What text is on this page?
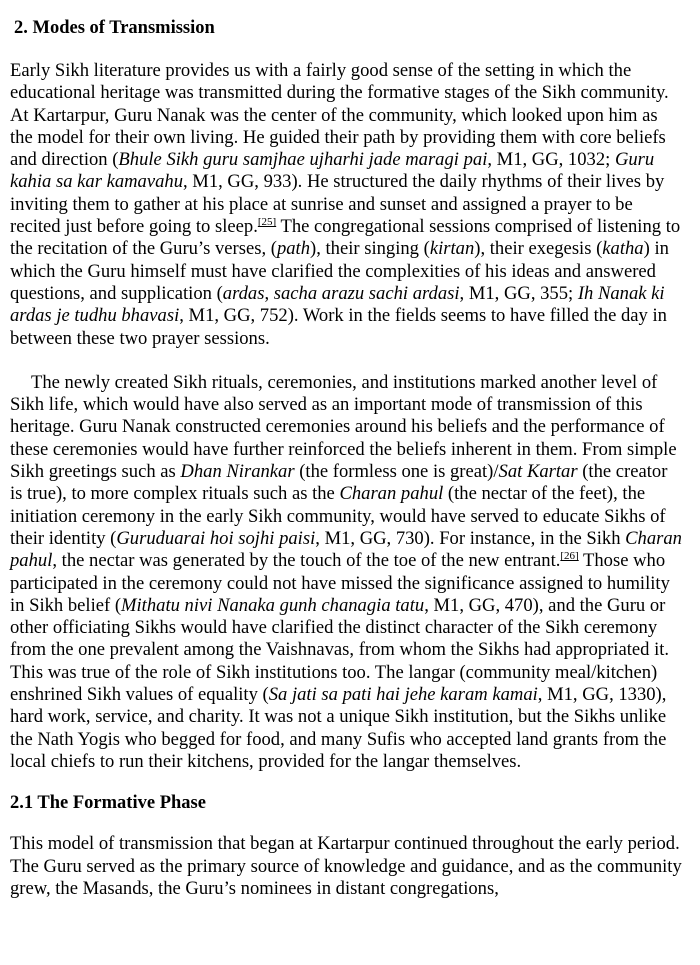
2. Modes of Transmission

Early Sikh literature provides us with a fairly good sense of the setting in which the educational heritage was transmitted during the formative stages of the Sikh community. At Kartarpur, Guru Nanak was the center of the community, which looked upon him as the model for their own living. He guided their path by providing them with core beliefs and direction (Bhule Sikh guru samjhae ujharhi jade maragi pai, M1, GG, 1032; Guru kahia sa kar kamavahu, M1, GG, 933). He structured the daily rhythms of their lives by inviting them to gather at his place at sunrise and sunset and assigned a prayer to be recited just before going to sleep.[25] The congregational sessions comprised of listening to the recitation of the Guru’s verses, (path), their singing (kirtan), their exegesis (katha) in which the Guru himself must have clarified the complexities of his ideas and answered questions, and supplication (ardas, sacha arazu sachi ardasi, M1, GG, 355; Ih Nanak ki ardas je tudhu bhavasi, M1, GG, 752). Work in the fields seems to have filled the day in between these two prayer sessions.

The newly created Sikh rituals, ceremonies, and institutions marked another level of Sikh life, which would have also served as an important mode of transmission of this heritage. Guru Nanak constructed ceremonies around his beliefs and the performance of these ceremonies would have further reinforced the beliefs inherent in them. From simple Sikh greetings such as Dhan Nirankar (the formless one is great)/Sat Kartar (the creator is true), to more complex rituals such as the Charan pahul (the nectar of the feet), the initiation ceremony in the early Sikh community, would have served to educate Sikhs of their identity (Guruduarai hoi sojhi paisi, M1, GG, 730). For instance, in the Sikh Charan pahul, the nectar was generated by the touch of the toe of the new entrant.[26] Those who participated in the ceremony could not have missed the significance assigned to humility in Sikh belief (Mithatu nivi Nanaka gunh chanagia tatu, M1, GG, 470), and the Guru or other officiating Sikhs would have clarified the distinct character of the Sikh ceremony from the one prevalent among the Vaishnavas, from whom the Sikhs had appropriated it. This was true of the role of Sikh institutions too. The langar (community meal/kitchen) enshrined Sikh values of equality (Sa jati sa pati hai jehe karam kamai, M1, GG, 1330), hard work, service, and charity. It was not a unique Sikh institution, but the Sikhs unlike the Nath Yogis who begged for food, and many Sufis who accepted land grants from the local chiefs to run their kitchens, provided for the langar themselves.

2.1 The Formative Phase

This model of transmission that began at Kartarpur continued throughout the early period. The Guru served as the primary source of knowledge and guidance, and as the community grew, the Masands, the Guru’s nominees in distant congregations,
